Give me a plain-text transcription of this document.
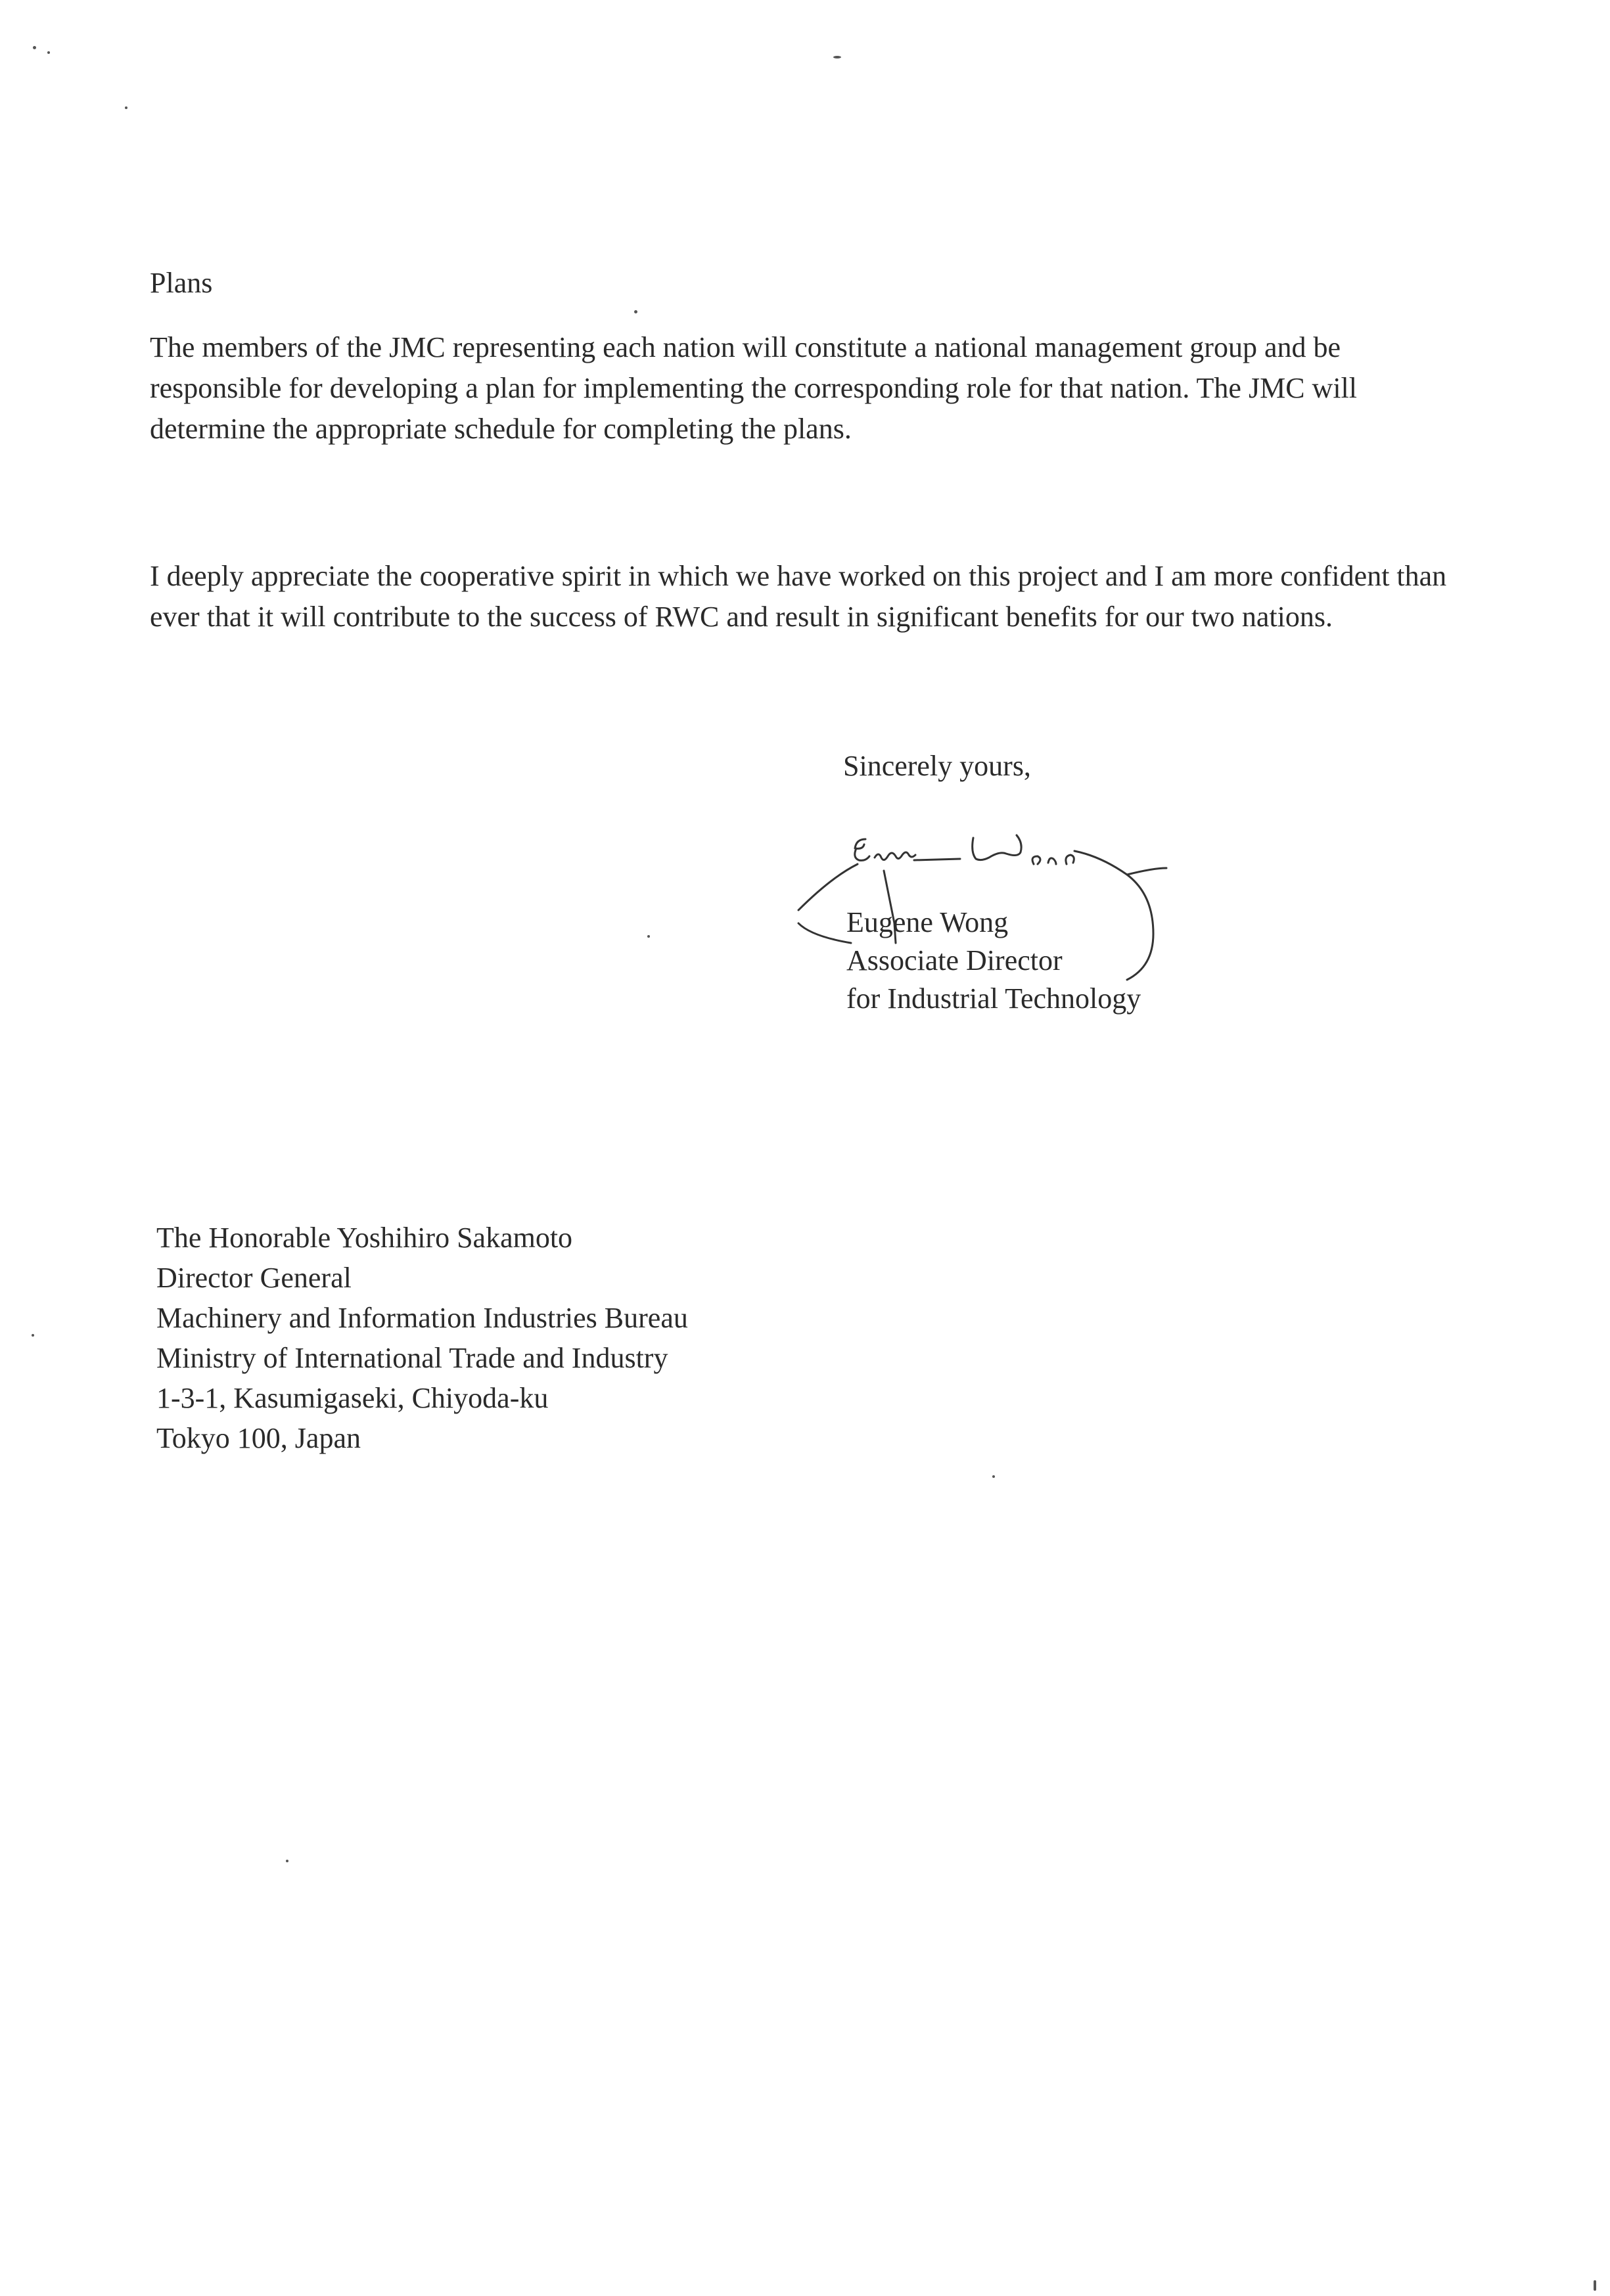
Plans

The members of the JMC representing each nation will constitute a national management group and be responsible for developing a plan for implementing the corresponding role for that nation. The JMC will determine the appropriate schedule for completing the plans.

I deeply appreciate the cooperative spirit in which we have worked on this project and I am more confident than ever that it will contribute to the success of RWC and result in significant benefits for our two nations.

Sincerely yours,

Eugene Wong
Associate Director
for Industrial Technology
The Honorable Yoshihiro Sakamoto
Director General
Machinery and Information Industries Bureau
Ministry of International Trade and Industry
1-3-1, Kasumigaseki, Chiyoda-ku
Tokyo 100, Japan
